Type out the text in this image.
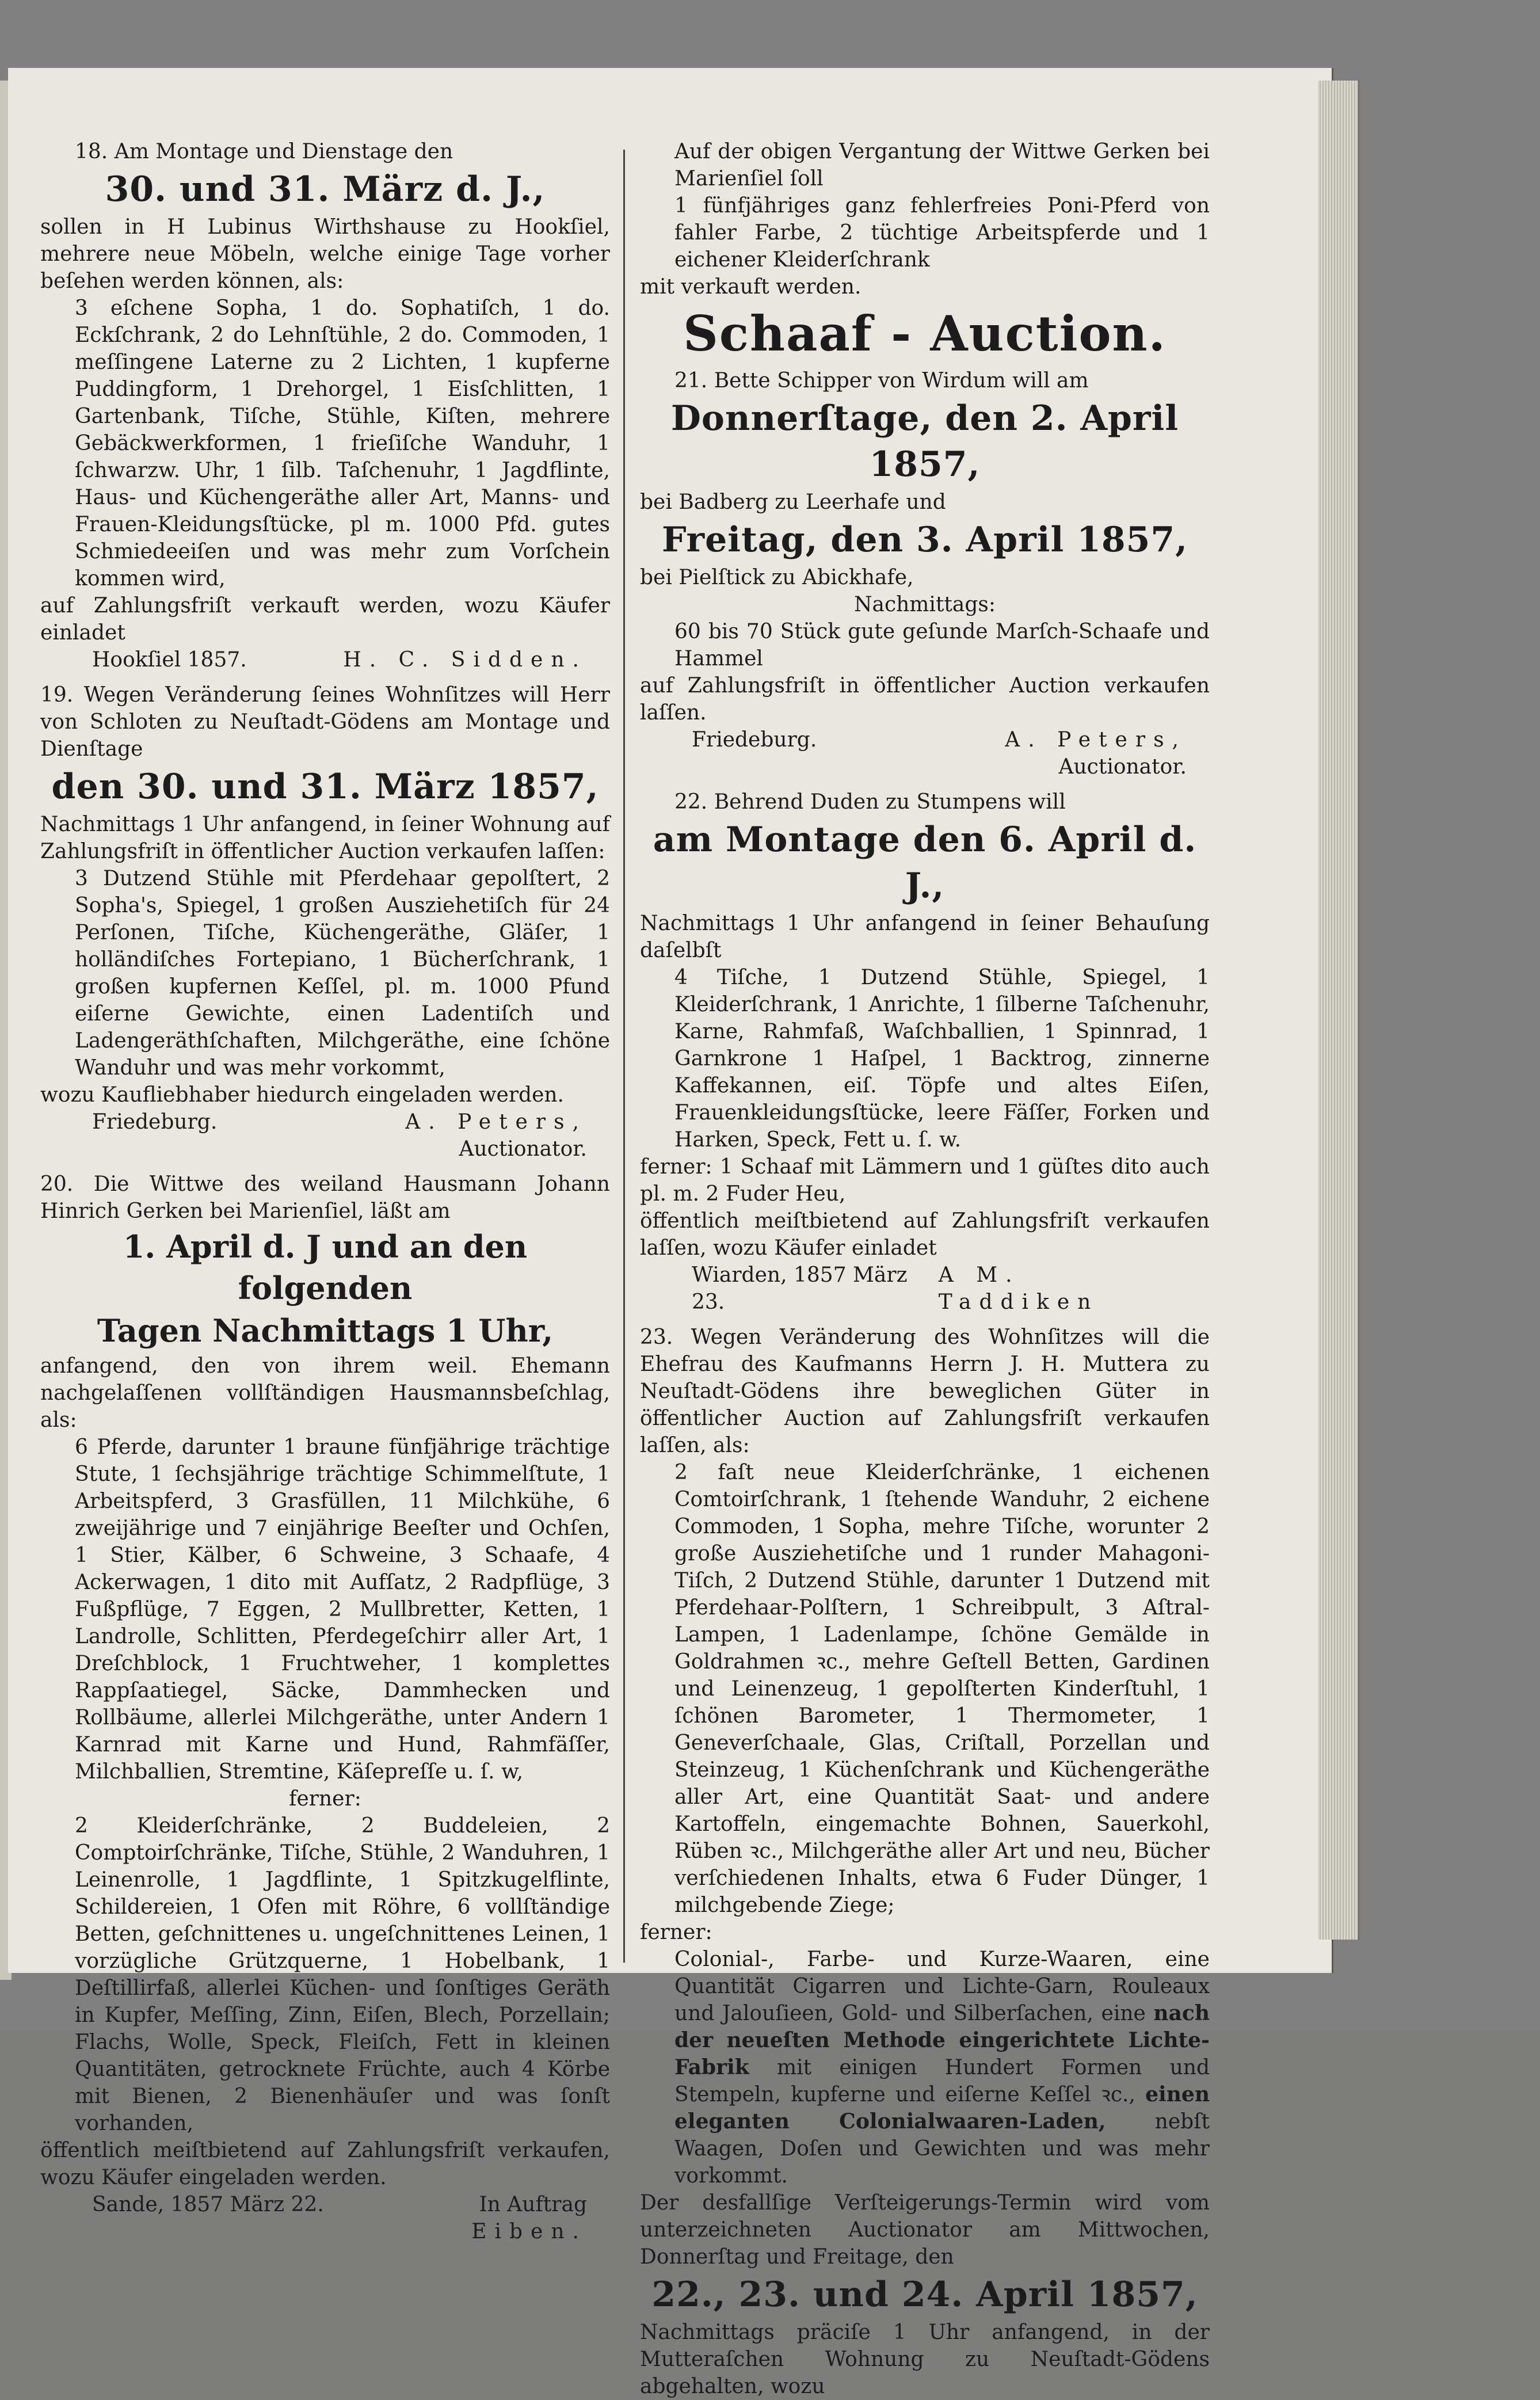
18. Am Montage und Dienstage den

30. und 31. März d. J.,

sollen in H Lubinus Wirthshause zu Hookſiel, mehrere neue Möbeln, welche einige Tage vorher beſehen werden können, als:

3 eſchene Sopha, 1 do. Sophatiſch, 1 do. Eckſchrank, 2 do Lehnſtühle, 2 do. Commoden, 1 meſſingene Laterne zu 2 Lichten, 1 kupferne Puddingform, 1 Drehorgel, 1 Eisſchlitten, 1 Gartenbank, Tiſche, Stühle, Kiſten, mehrere Gebäckwerkformen, 1 frieſiſche Wanduhr, 1 ſchwarzw. Uhr, 1 ſilb. Taſchenuhr, 1 Jagdflinte, Haus- und Küchengeräthe aller Art, Manns- und Frauen-Kleidungsſtücke, pl m. 1000 Pfd. gutes Schmiedeeiſen und was mehr zum Vorſchein kommen wird,

auf Zahlungsfriſt verkauft werden, wozu Käufer einladet

Hookſiel 1857.	H. C. Sidden.

19. Wegen Veränderung ſeines Wohnſitzes will Herr von Schloten zu Neuſtadt-Gödens am Montage und Dienſtage

den 30. und 31. März 1857,

Nachmittags 1 Uhr anfangend, in ſeiner Wohnung auf Zahlungsfriſt in öffentlicher Auction verkaufen laſſen:

3 Dutzend Stühle mit Pferdehaar gepolſtert, 2 Sopha's, Spiegel, 1 großen Ausziehetiſch für 24 Perſonen, Tiſche, Küchengeräthe, Gläſer, 1 holländiſches Fortepiano, 1 Bücherſchrank, 1 großen kupfernen Keſſel, pl. m. 1000 Pfund eiſerne Gewichte, einen Ladentiſch und Ladengeräthſchaften, Milchgeräthe, eine ſchöne Wanduhr und was mehr vorkommt,

wozu Kaufliebhaber hiedurch eingeladen werden.

Friedeburg.	A. Peters,

Auctionator.

20. Die Wittwe des weiland Hausmann Johann Hinrich Gerken bei Marienſiel, läßt am

1. April d. J und an den folgenden

Tagen Nachmittags 1 Uhr,

anfangend, den von ihrem weil. Ehemann nachgelaſſenen vollſtändigen Hausmannsbeſchlag, als:

6 Pferde, darunter 1 braune fünfjährige trächtige Stute, 1 ſechsjährige trächtige Schimmelſtute, 1 Arbeitspferd, 3 Grasfüllen, 11 Milchkühe, 6 zweijährige und 7 einjährige Beeſter und Ochſen, 1 Stier, Kälber, 6 Schweine, 3 Schaafe, 4 Ackerwagen, 1 dito mit Aufſatz, 2 Radpflüge, 3 Fußpflüge, 7 Eggen, 2 Mullbretter, Ketten, 1 Landrolle, Schlitten, Pferdegeſchirr aller Art, 1 Dreſchblock, 1 Fruchtweher, 1 komplettes Rappſaatiegel, Säcke, Dammhecken und Rollbäume, allerlei Milchgeräthe, unter Andern 1 Karnrad mit Karne und Hund, Rahmfäſſer, Milchballien, Stremtine, Käſepreſſe u. ſ. w,

ferner:

2 Kleiderſchränke, 2 Buddeleien, 2 Comptoirſchränke, Tiſche, Stühle, 2 Wanduhren, 1 Leinenrolle, 1 Jagdflinte, 1 Spitzkugelflinte, Schildereien, 1 Ofen mit Röhre, 6 vollſtändige Betten, geſchnittenes u. ungeſchnittenes Leinen, 1 vorzügliche Grützquerne, 1 Hobelbank, 1 Deſtillirfaß, allerlei Küchen- und ſonſtiges Geräth in Kupfer, Meſſing, Zinn, Eiſen, Blech, Porzellain; Flachs, Wolle, Speck, Fleiſch, Fett in kleinen Quantitäten, getrocknete Früchte, auch 4 Körbe mit Bienen, 2 Bienenhäuſer und was ſonſt vorhanden,

öffentlich meiſtbietend auf Zahlungsfriſt verkaufen, wozu Käufer eingeladen werden.

Sande, 1857 März 22.	In Auftrag

Eiben.

Auf der obigen Vergantung der Wittwe Gerken bei Marienſiel ſoll

1 fünfjähriges ganz fehlerfreies Poni-Pferd von fahler Farbe, 2 tüchtige Arbeitspferde und 1 eichener Kleiderſchrank

mit verkauft werden.

Schaaf - Auction.

21. Bette Schipper von Wirdum will am

Donnerſtage, den 2. April 1857,

bei Badberg zu Leerhafe und

Freitag, den 3. April 1857,

bei Pielſtick zu Abickhafe,

Nachmittags:

60 bis 70 Stück gute geſunde Marſch-Schaafe und Hammel

auf Zahlungsfriſt in öffentlicher Auction verkaufen laſſen.

Friedeburg.	A. Peters,

Auctionator.

22. Behrend Duden zu Stumpens will

am Montage den 6. April d. J.,

Nachmittags 1 Uhr anfangend in ſeiner Behauſung daſelbſt

4 Tiſche, 1 Dutzend Stühle, Spiegel, 1 Kleiderſchrank, 1 Anrichte, 1 ſilberne Taſchenuhr, Karne, Rahmfaß, Waſchballien, 1 Spinnrad, 1 Garnkrone 1 Haſpel, 1 Backtrog, zinnerne Kaffekannen, eiſ. Töpfe und altes Eiſen, Frauenkleidungsſtücke, leere Fäſſer, Forken und Harken, Speck, Fett u. ſ. w.

ferner: 1 Schaaf mit Lämmern und 1 güſtes dito auch pl. m. 2 Fuder Heu,

öffentlich meiſtbietend auf Zahlungsfriſt verkaufen laſſen, wozu Käufer einladet

Wiarden, 1857 März 23.
A M. Taddiken

23. Wegen Veränderung des Wohnſitzes will die Ehefrau des Kaufmanns Herrn J. H. Muttera zu Neuſtadt-Gödens ihre beweglichen Güter in öffentlicher Auction auf Zahlungsfriſt verkaufen laſſen, als:

2 faſt neue Kleiderſchränke, 1 eichenen Comtoirſchrank, 1 ſtehende Wanduhr, 2 eichene Commoden, 1 Sopha, mehre Tiſche, worunter 2 große Ausziehetiſche und 1 runder Mahagoni-Tiſch, 2 Dutzend Stühle, darunter 1 Dutzend mit Pferdehaar-Polſtern, 1 Schreibpult, 3 Aſtral-Lampen, 1 Ladenlampe, ſchöne Gemälde in Goldrahmen ꝛc., mehre Geſtell Betten, Gardinen und Leinenzeug, 1 gepolſterten Kinderſtuhl, 1 ſchönen Barometer, 1 Thermometer, 1 Geneverſchaale, Glas, Criſtall, Porzellan und Steinzeug, 1 Küchenſchrank und Küchengeräthe aller Art, eine Quantität Saat- und andere Kartoffeln, eingemachte Bohnen, Sauerkohl, Rüben ꝛc., Milchgeräthe aller Art und neu, Bücher verſchiedenen Inhalts, etwa 6 Fuder Dünger, 1 milchgebende Ziege;

ferner:

Colonial-, Farbe- und Kurze-Waaren, eine Quantität Cigarren und Lichte-Garn, Rouleaux und Jalouſieen, Gold- und Silberſachen, eine nach der neueſten Methode eingerichtete Lichte-Fabrik mit einigen Hundert Formen und Stempeln, kupferne und eiſerne Keſſel ꝛc., einen eleganten Colonialwaaren-Laden, nebſt Waagen, Doſen und Gewichten und was mehr vorkommt.

Der desfallſige Verſteigerungs-Termin wird vom unterzeichneten Auctionator am Mittwochen, Donnerſtag und Freitage, den

22., 23. und 24. April 1857,

Nachmittags präciſe 1 Uhr anfangend, in der Mutteraſchen Wohnung zu Neuſtadt-Gödens abgehalten, wozu
